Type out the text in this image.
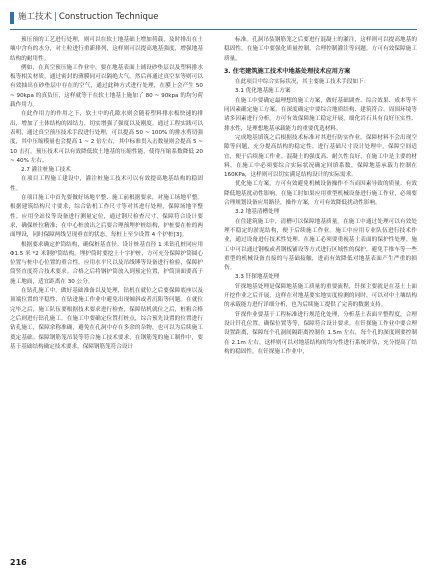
施工技术 | Construction Technique

预压预的工艺进行处理，则可以在软土地基础上增加荷载，及时排出在土壤中含有的水分，对土粒进行重新排列，这样则可以提高地基强度，增强地基结构的耐用性。

例如，在真空预压施工作业中，要在地基表面上铺设砂垫层以及塑料排水板等相关材质，通过密封的薄膜同可以隔绝大气。然后再通过真空泵等则可以有效抽出在砂垫层中存在的空气，通过此种方式进行处理，在膜上会产生 50 ~ 90kpa 的真负压，这样就等于在软土地基上施加了 80 ~ 90kpa 的均匀荷载作用力。

在此作用力的作用之下，软土中的孔隙水则会随着塑料排水板快速的排出，增加了土体结构的固结力，切实增强了强度以及刚度。通过工程实践可以表明，通过真空预压技术手段进行处理，可以提高 50 ~ 100% 的排水剪切强度，其中压缩模量也会提高 1 ~ 2 倍左右，其中标准贯入击数量则会提高 5 ~ 10 击打。预压技术可以有效降低软土地基的压缩性能，使得压缩系数降低 20 ~ 40% 左右。

2.7 灌注桩施工技术

在项目工程施工建设中，灌注桩施工技术可以有效提高地基结构的稳固性。

在项目施工中首先要做好场地平整、施工前根据要求，对施工场地平整。根据建筑结构尺寸要求，综合钻机工作尺寸等对其进行处理，保障场地平整性。应用全站仪等设备进行测量定位，通过钢尺检查尺寸，保障符合设计要求，确保桩位精准；在中心桩放出之后要合理预埋护桩结构，护桩要在桩的两面埋设，同时保障两线呈现垂直的状态，每桩上至少设置 4 个护桩[3]。

根据要求确定护筒结构，确保桩基直径。设计桩基直径 1 米钻孔桩同应用 Φ1.5 米 *2 米钢护筒结构。埋护筒时要挖上十字护桩，方可充分保障护筒圆心位置与桩中心位置的重合性。应用水平尺以及吊线锤等设备进行检验，保障护筒竖直度符合技术要求。合格之后将钢护筒放入到预定位置，护筒顶面要高于施工地面，适宜距离在 30 公分。

在钻孔施工中，做好基础准备以及处理，钻机在就位之后要保障底座以及顶端位置的平稳性，在钻进施工作业中避免出现倾斜或者沉陷等问题。在就位完毕之后，施工队伍要根据技术要求进行检查，保障钻机就位之后，桩粗合格之后则进行钻孔施工。在施工中要确定位置打桩点，综合预先设置的位置进行钻孔施工，保障余称准确，避免在孔洞中存在多余的杂物，也可以为后续施工奠定基础。保障钢筋笼吊装等符合施工技术要求，在钢筋笼的施工制作中，要基于基础结构确定技术要求，保障钢筋笼符合设计

标准。孔洞吊装钢筋笼之后要进行混凝土的灌注，这样则可以提高地基的稳固性。在施工中要强化质量控制，合理控制灌注等问题，方可有效保障施工质量。

3. 住宅建筑施工技术中地基处理技术应用方案

在此项目中综合实际状况，其主要施工技术手段如下：

3.1 优化地基施工方案

在施工中要确定最理想的施工方案，做好基础调查、综合效果、成本等不同因素确定施工方案。在深度确定中要综合地质结构、建筑符合、周围环境等诸多因素进行分析。方可有效保障施工稳定开展，细化岩石具有良好压实性、排水性，是理想地基承载能力的重要优选材料。

完成地基填筑之后根据技术标准对其进行防实作业，保障材料不会出现空隙等问题，充分提高结构的稳定性。进行基础尺寸设计处理中，保障空间适宜，便于后续施工作业。混凝土的强度高、耐久性良好，在施工中是主要的材料。在施工中必须要综合实际状况确定回填系数，保障地基承载力控制在 160KPa，这样则可以切实满足结构设计的实际需求。

优化施工方案，方可有效避免机械设备操作不当而因素导致的质量。有效降低地基扰动性影响，在施工时如果应用重型机械设备进行施工作业，必须要合理规划设备应用路径，操作方案，方可有效降低扰动性影响。

3.2 地基清槽处理

在住建筑施工中，清槽可以保障地基质量。在施工中通过处理可以有效处理不稳定的淤泥结构，便于后续施工作业。施工中应用专业队伍进行技术作业，通过设备进行技术性处理。在施工必须要重视基土表面的保护性处理。施工中可以通过钢板或者钢板铺设等方式进行区域性的保护，避免手推车等一些重型的机械设备直接的与基础接触，进而有效降低对地基表面产生严重的损伤。

3.3 钎探地基处理

钎探地基处理是保障地基施工质量的重要流程，钎探主要就是在基土上面开挖作业之后开展，这样在对地基要实地实度检测的同时，可以对中土壤结构的承载能力进行详细分析，也为后续施工提供了完善的数据支持。

钎探作业要基于工程标准进行规范化处理，分析基土表面平整程度，合理设计钎孔位置，确保位置等等，保障符合设计要求。在钎探施工作业中要合理设置距离，保障每个孔洞间隔距离控制在 1.5m 左右，每个孔的深度则要控制在 2.1m 左右，这样则可以对地基结构的均匀性进行系统评估，充分提高了结构的稳固性。在钎探施工作业中，

216
